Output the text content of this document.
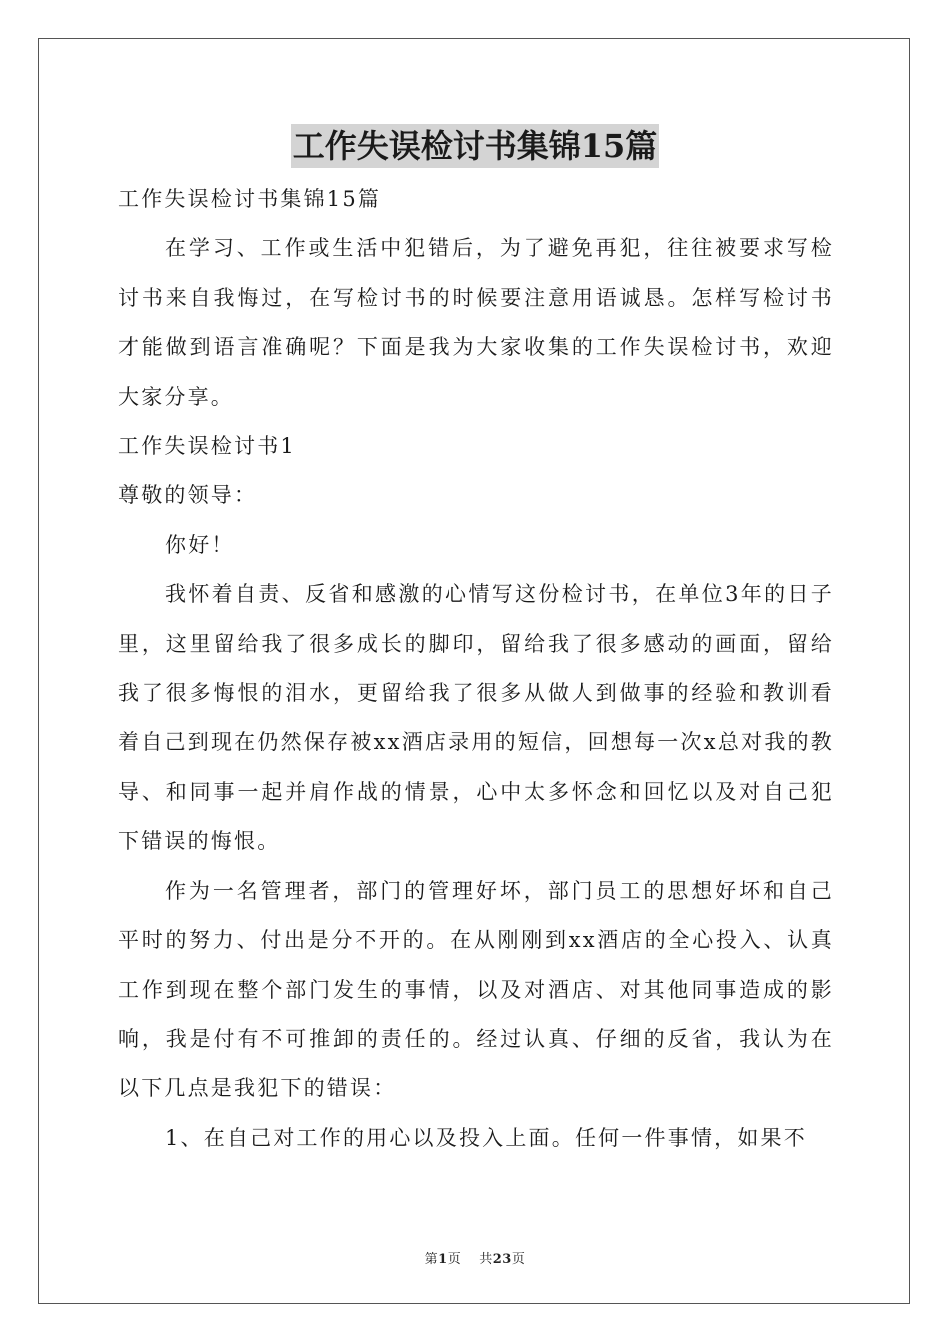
工作失误检讨书集锦15篇

工作失误检讨书集锦15篇

在学习、工作或生活中犯错后，为了避免再犯，往往被要求写检讨书来自我悔过，在写检讨书的时候要注意用语诚恳。怎样写检讨书才能做到语言准确呢？下面是我为大家收集的工作失误检讨书，欢迎大家分享。

工作失误检讨书1

尊敬的领导：

你好！

我怀着自责、反省和感激的心情写这份检讨书，在单位3年的日子里，这里留给我了很多成长的脚印，留给我了很多感动的画面，留给我了很多悔恨的泪水，更留给我了很多从做人到做事的经验和教训看着自己到现在仍然保存被xx酒店录用的短信，回想每一次x总对我的教导、和同事一起并肩作战的情景，心中太多怀念和回忆以及对自己犯下错误的悔恨。

作为一名管理者，部门的管理好坏，部门员工的思想好坏和自己平时的努力、付出是分不开的。在从刚刚到xx酒店的全心投入、认真工作到现在整个部门发生的事情，以及对酒店、对其他同事造成的影响，我是付有不可推卸的责任的。经过认真、仔细的反省，我认为在以下几点是我犯下的错误：

1、在自己对工作的用心以及投入上面。任何一件事情，如果不

第1页 共23页
